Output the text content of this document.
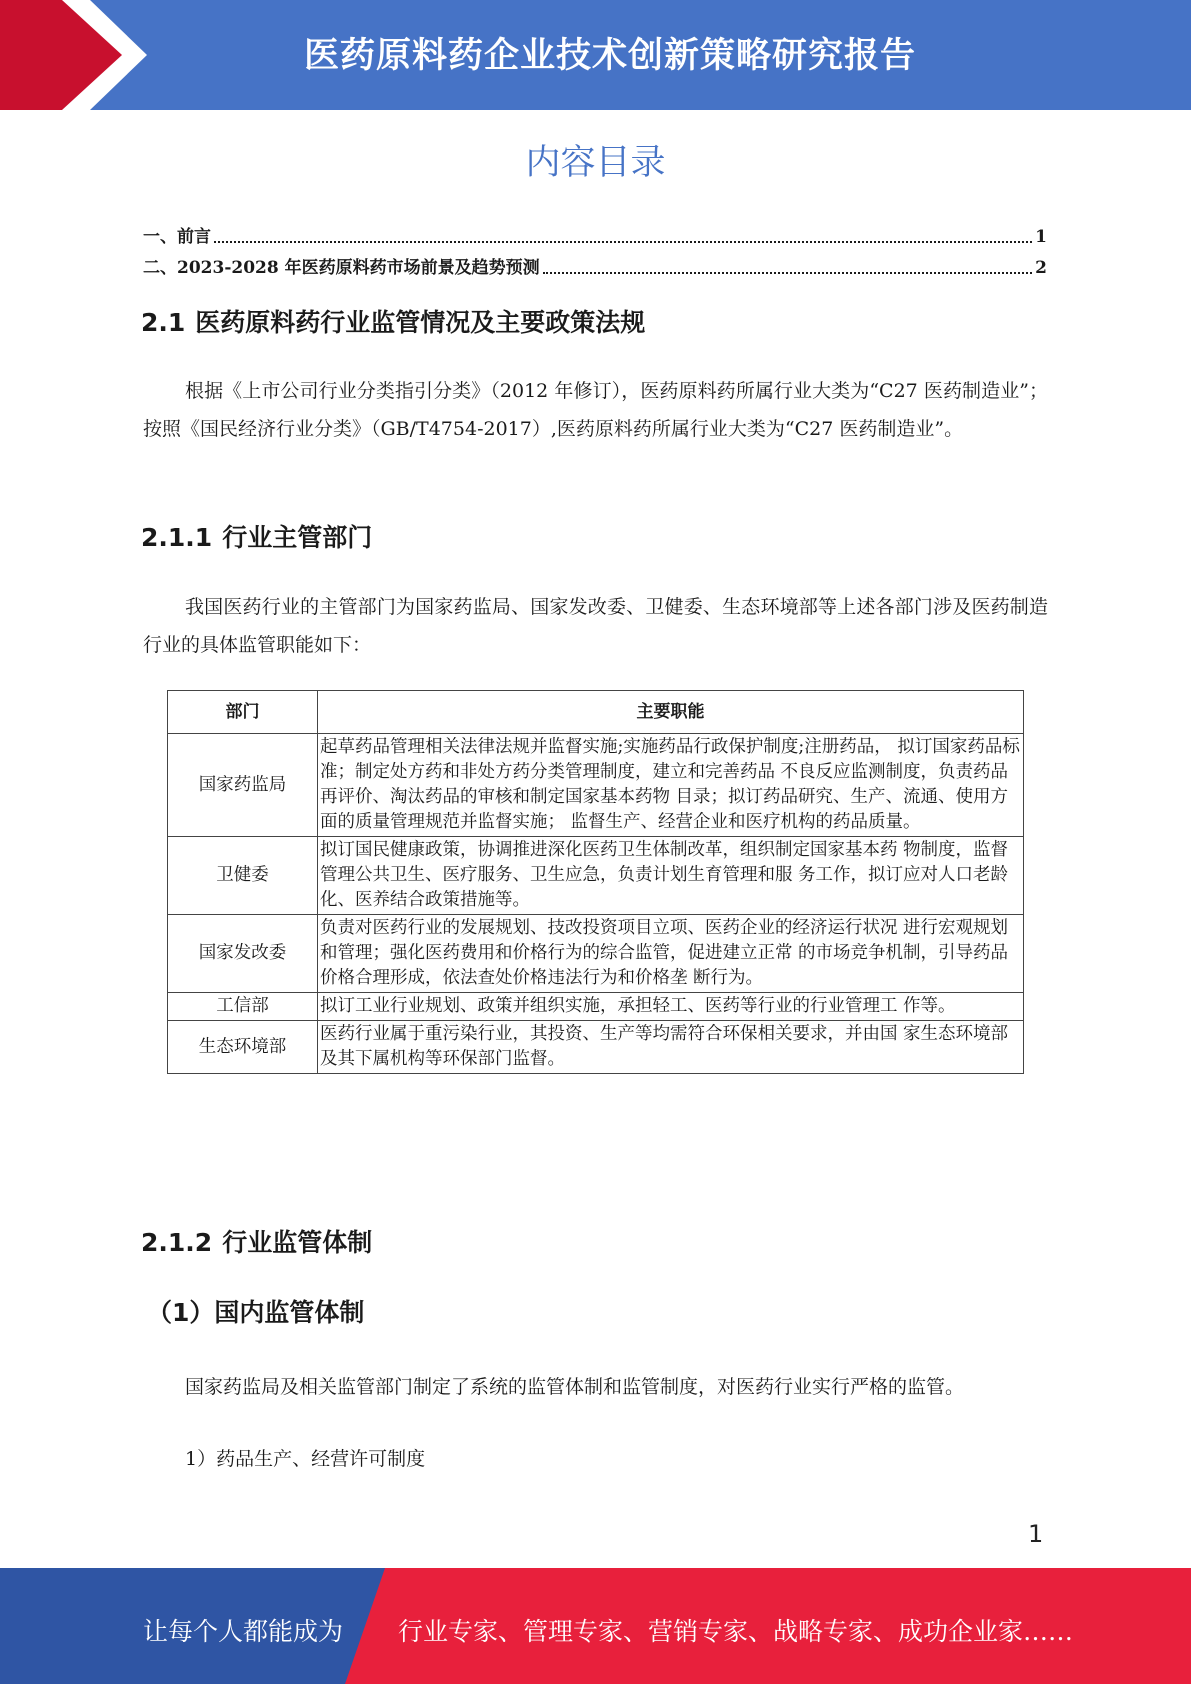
医药原料药企业技术创新策略研究报告
内容目录
一、前言	1
二、2023-2028 年医药原料药市场前景及趋势预测	2
2.1 医药原料药行业监管情况及主要政策法规

根据《上市公司行业分类指引分类》（2012 年修订），医药原料药所属行业大类为“C27 医药制造业”；按照《国民经济行业分类》（GB/T4754-2017）,医药原料药所属行业大类为“C27 医药制造业”。

2.1.1 行业主管部门

我国医药行业的主管部门为国家药监局、国家发改委、卫健委、生态环境部等上述各部门涉及医药制造行业的具体监管职能如下：

部门	主要职能
国家药监局	起草药品管理相关法律法规并监督实施;实施药品行政保护制度;注册药品， 拟订国家药品标准；制定处方药和非处方药分类管理制度，建立和完善药品 不良反应监测制度，负责药品再评价、淘汰药品的审核和制定国家基本药物 目录；拟订药品研究、生产、流通、使用方面的质量管理规范并监督实施； 监督生产、经营企业和医疗机构的药品质量。
卫健委	拟订国民健康政策，协调推进深化医药卫生体制改革，组织制定国家基本药 物制度，监督管理公共卫生、医疗服务、卫生应急，负责计划生育管理和服 务工作，拟订应对人口老龄化、医养结合政策措施等。
国家发改委	负责对医药行业的发展规划、技改投资项目立项、医药企业的经济运行状况 进行宏观规划和管理；强化医药费用和价格行为的综合监管，促进建立正常 的市场竞争机制，引导药品价格合理形成，依法查处价格违法行为和价格垄 断行为。
工信部	拟订工业行业规划、政策并组织实施，承担轻工、医药等行业的行业管理工 作等。
生态环境部	医药行业属于重污染行业，其投资、生产等均需符合环保相关要求，并由国 家生态环境部及其下属机构等环保部门监督。
2.1.2 行业监管体制
（1）国内监管体制
国家药监局及相关监管部门制定了系统的监管体制和监管制度，对医药行业实行严格的监管。
1）药品生产、经营许可制度
1
让每个人都能成为 行业专家、管理专家、营销专家、战略专家、成功企业家……
